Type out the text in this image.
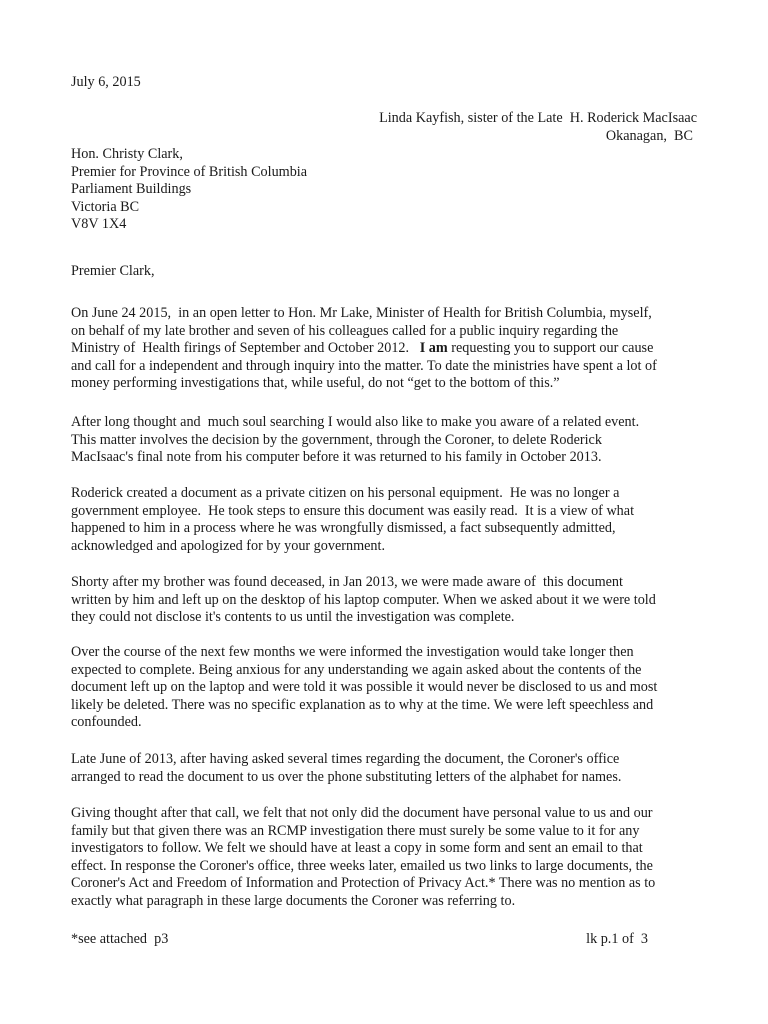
July 6, 2015
Linda Kayfish, sister of the Late  H. Roderick MacIsaac
Okanagan,  BC
Hon. Christy Clark,
Premier for Province of British Columbia
Parliament Buildings
Victoria BC
V8V 1X4
Premier Clark,
On June 24 2015,  in an open letter to Hon. Mr Lake, Minister of Health for British Columbia, myself,
on behalf of my late brother and seven of his colleagues called for a public inquiry regarding the
Ministry of  Health firings of September and October 2012.   I am requesting you to support our cause
and call for a independent and through inquiry into the matter. To date the ministries have spent a lot of
money performing investigations that, while useful, do not “get to the bottom of this.”
After long thought and  much soul searching I would also like to make you aware of a related event.
This matter involves the decision by the government, through the Coroner, to delete Roderick
MacIsaac's final note from his computer before it was returned to his family in October 2013.
Roderick created a document as a private citizen on his personal equipment.  He was no longer a
government employee.  He took steps to ensure this document was easily read.  It is a view of what
happened to him in a process where he was wrongfully dismissed, a fact subsequently admitted,
acknowledged and apologized for by your government.
Shorty after my brother was found deceased, in Jan 2013, we were made aware of  this document
written by him and left up on the desktop of his laptop computer. When we asked about it we were told
they could not disclose it's contents to us until the investigation was complete.
Over the course of the next few months we were informed the investigation would take longer then
expected to complete. Being anxious for any understanding we again asked about the contents of the
document left up on the laptop and were told it was possible it would never be disclosed to us and most
likely be deleted. There was no specific explanation as to why at the time. We were left speechless and
confounded.
Late June of 2013, after having asked several times regarding the document, the Coroner's office
arranged to read the document to us over the phone substituting letters of the alphabet for names.
Giving thought after that call, we felt that not only did the document have personal value to us and our
family but that given there was an RCMP investigation there must surely be some value to it for any
investigators to follow. We felt we should have at least a copy in some form and sent an email to that
effect. In response the Coroner's office, three weeks later, emailed us two links to large documents, the
Coroner's Act and Freedom of Information and Protection of Privacy Act.* There was no mention as to
exactly what paragraph in these large documents the Coroner was referring to.
*see attached  p3	lk p.1 of  3
